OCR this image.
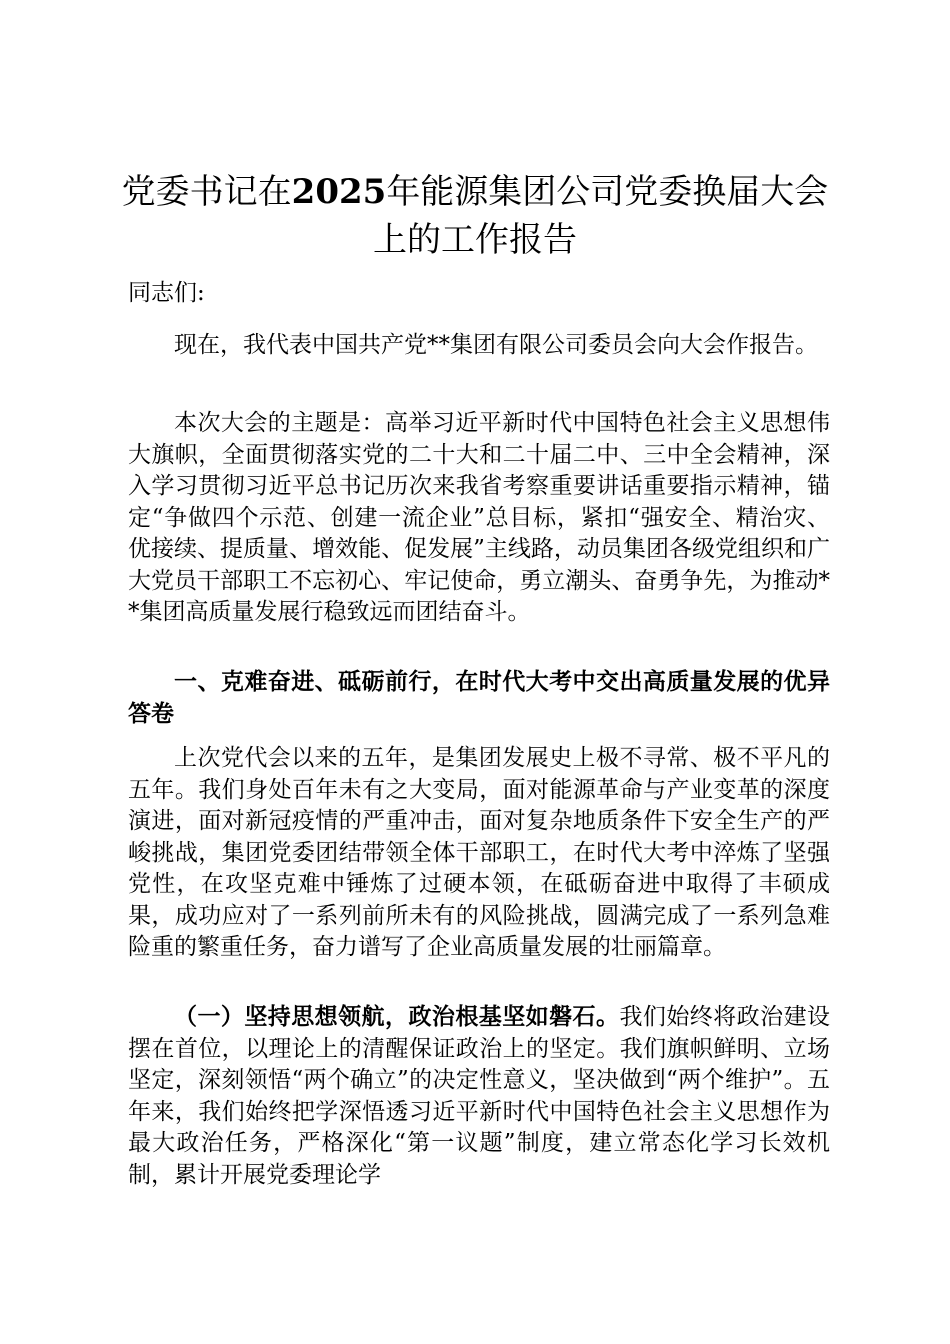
党委书记在2025年能源集团公司党委换届大会上的工作报告

同志们:

现在，我代表中国共产党**集团有限公司委员会向大会作报告。

本次大会的主题是：高举习近平新时代中国特色社会主义思想伟大旗帜，全面贯彻落实党的二十大和二十届二中、三中全会精神，深入学习贯彻习近平总书记历次来我省考察重要讲话重要指示精神，锚定“争做四个示范、创建一流企业”总目标，紧扣“强安全、精治灾、优接续、提质量、增效能、促发展”主线路，动员集团各级党组织和广大党员干部职工不忘初心、牢记使命，勇立潮头、奋勇争先，为推动**集团高质量发展行稳致远而团结奋斗。

一、克难奋进、砥砺前行，在时代大考中交出高质量发展的优异答卷

上次党代会以来的五年，是集团发展史上极不寻常、极不平凡的五年。我们身处百年未有之大变局，面对能源革命与产业变革的深度演进，面对新冠疫情的严重冲击，面对复杂地质条件下安全生产的严峻挑战，集团党委团结带领全体干部职工，在时代大考中淬炼了坚强党性，在攻坚克难中锤炼了过硬本领，在砥砺奋进中取得了丰硕成果，成功应对了一系列前所未有的风险挑战，圆满完成了一系列急难险重的繁重任务，奋力谱写了企业高质量发展的壮丽篇章。

（一）坚持思想领航，政治根基坚如磐石。我们始终将政治建设摆在首位，以理论上的清醒保证政治上的坚定。我们旗帜鲜明、立场坚定，深刻领悟“两个确立”的决定性意义，坚决做到“两个维护”。五年来，我们始终把学深悟透习近平新时代中国特色社会主义思想作为最大政治任务，严格深化“第一议题”制度，建立常态化学习长效机制，累计开展党委理论学
